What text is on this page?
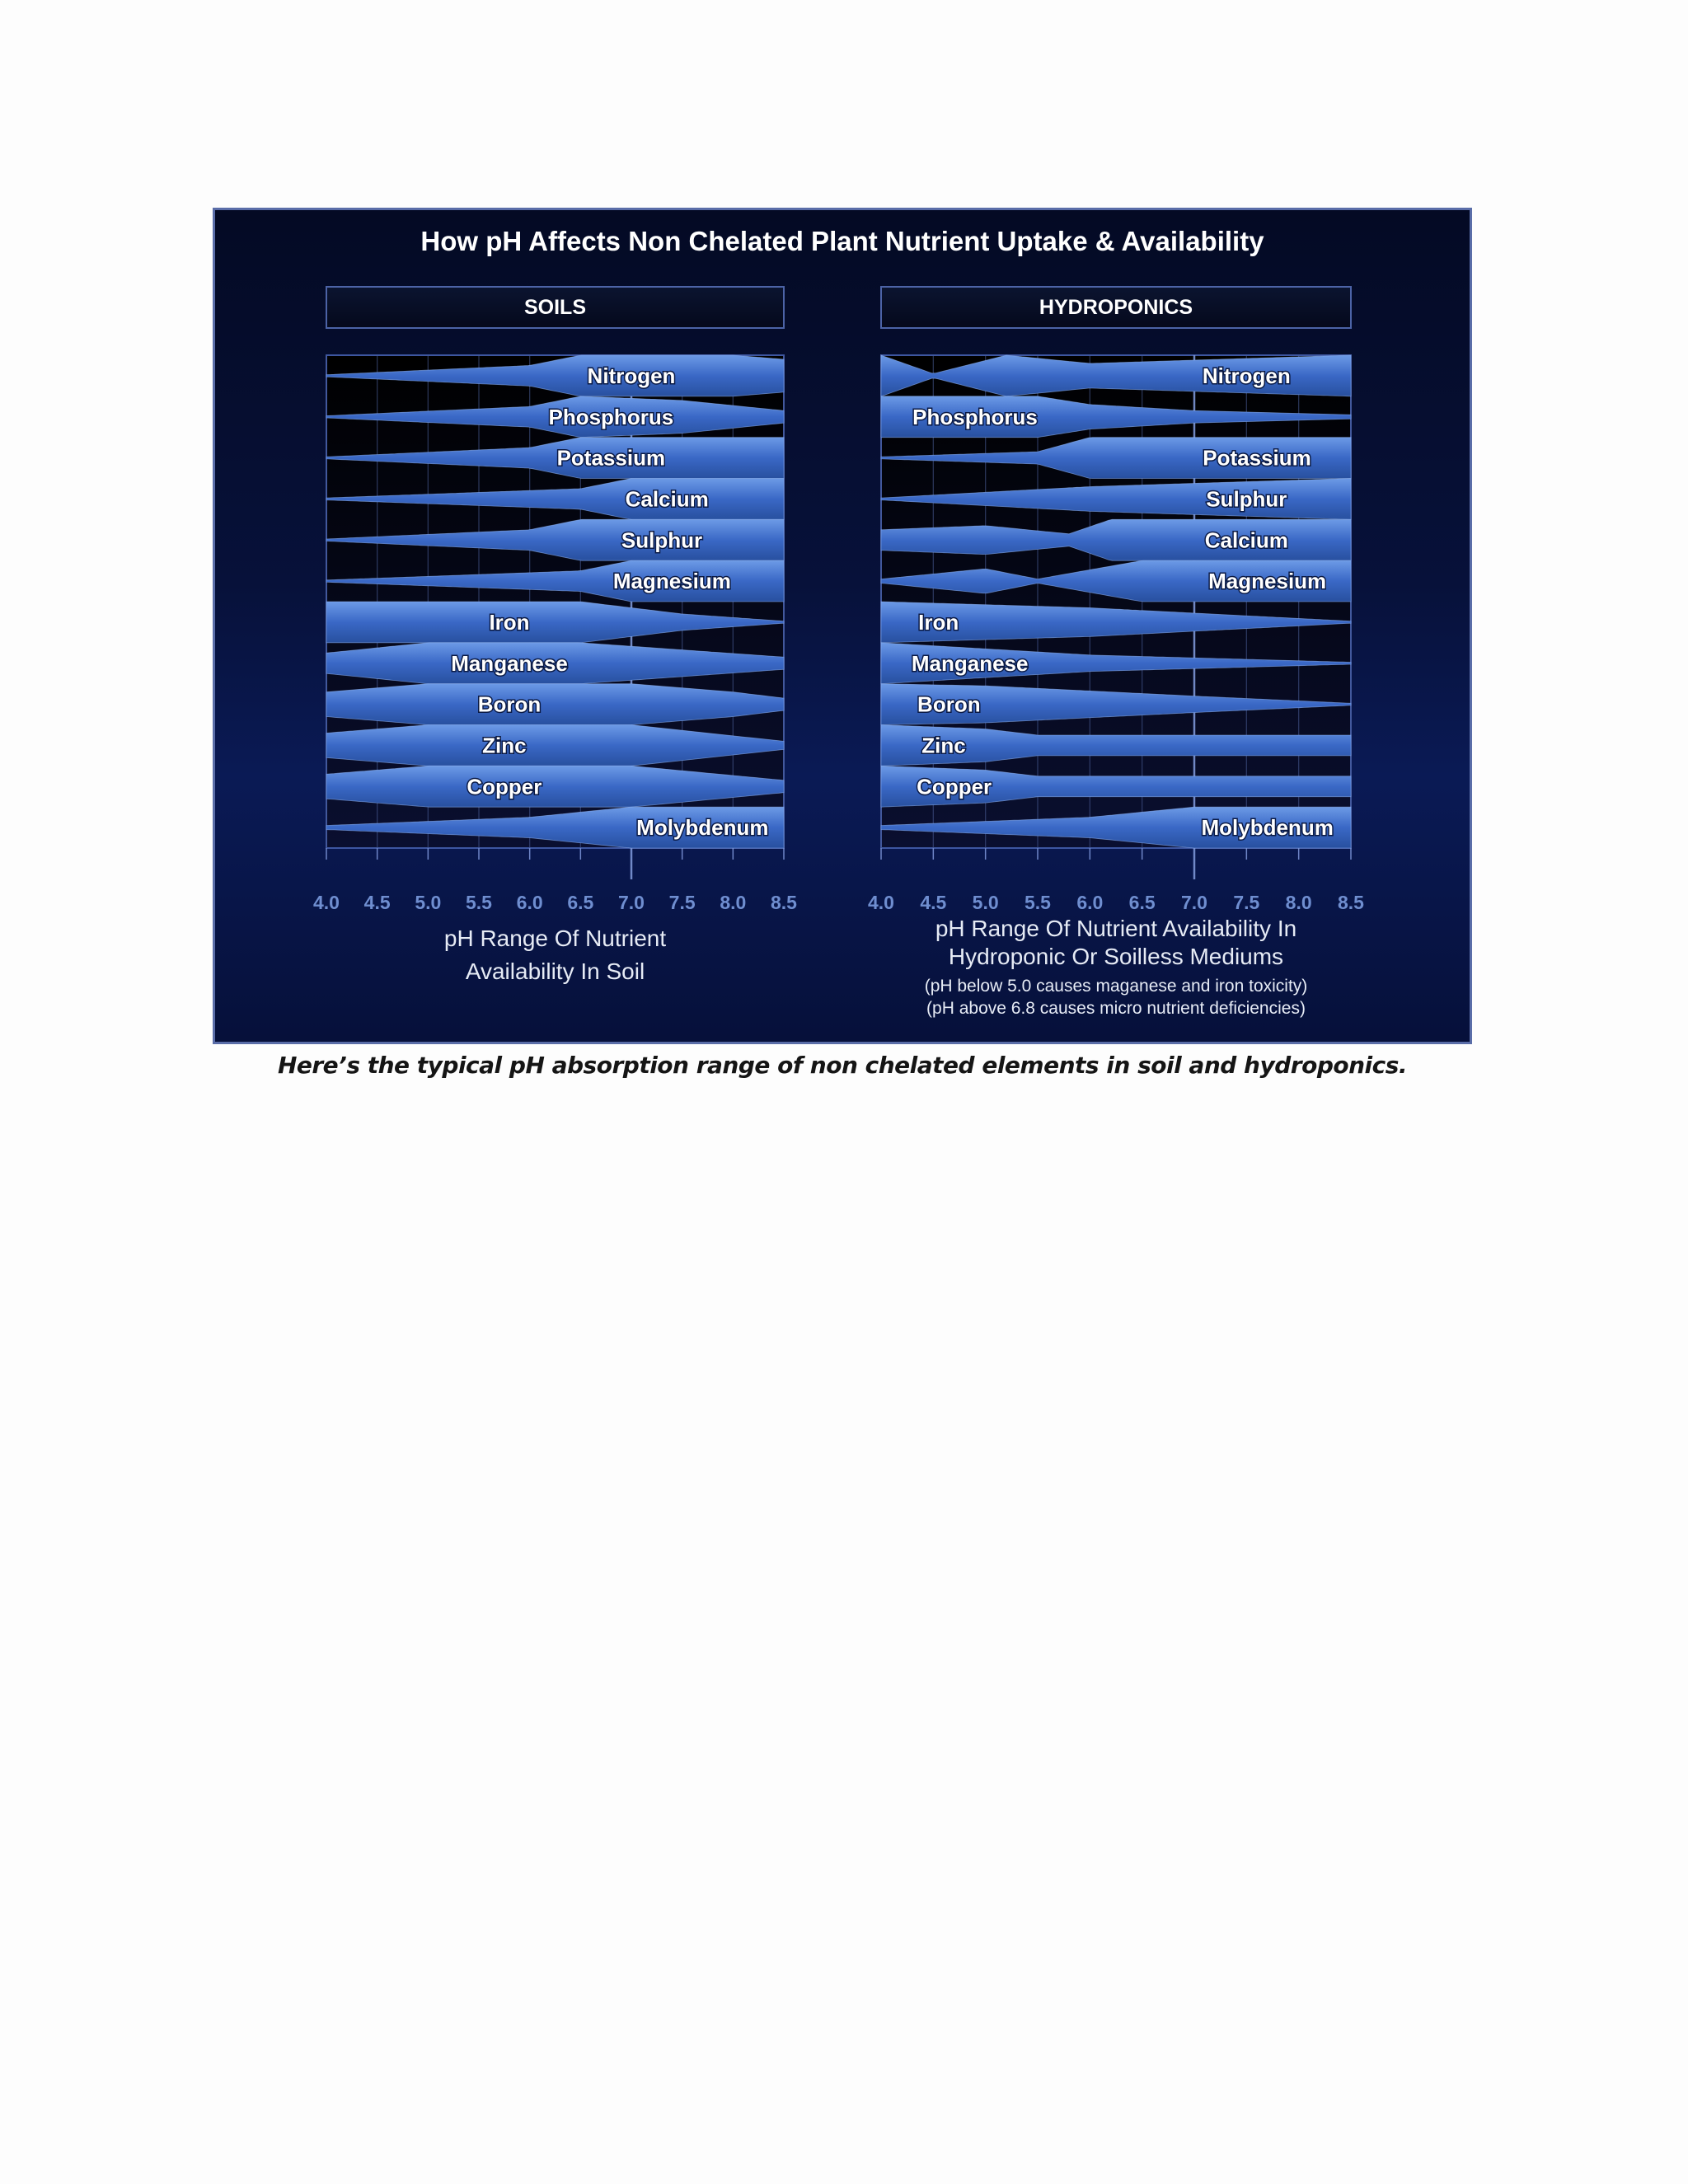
How pH Affects Non Chelated Plant Nutrient Uptake & Availability
SOILS
4.0 4.5 5.0 5.5 6.0 6.5 7.0 7.5 8.0 8.5
Nitrogen
Phosphorus
Potassium
Calcium
Sulphur
Magnesium
Iron
Manganese
Boron
Zinc
Copper
Molybdenum
pH Range Of Nutrient
Availability In Soil
HYDROPONICS
4.0 4.5 5.0 5.5 6.0 6.5 7.0 7.5 8.0 8.5
Nitrogen
Phosphorus
Potassium
Sulphur
Calcium
Magnesium
Iron
Manganese
Boron
Zinc
Copper
Molybdenum
pH Range Of Nutrient Availability In
Hydroponic Or Soilless Mediums
(pH below 5.0 causes maganese and iron toxicity)
(pH above 6.8 causes micro nutrient deficiencies)
Here’s the typical pH absorption range of non chelated elements in soil and hydroponics.
